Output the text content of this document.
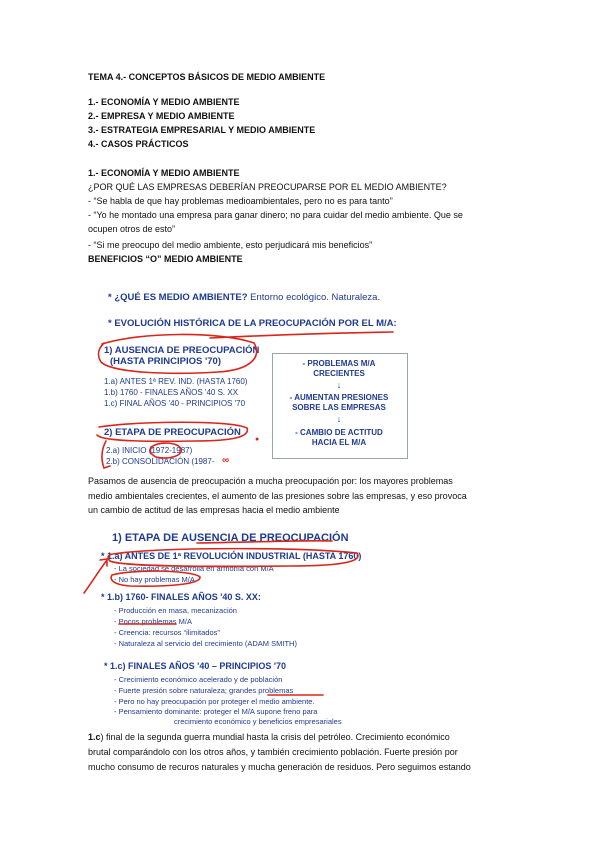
TEMA 4.- CONCEPTOS BÁSICOS DE MEDIO AMBIENTE
1.- ECONOMÍA Y MEDIO AMBIENTE
2.- EMPRESA Y MEDIO AMBIENTE
3.- ESTRATEGIA EMPRESARIAL Y MEDIO AMBIENTE
4.- CASOS PRÁCTICOS
1.- ECONOMÍA Y MEDIO AMBIENTE
¿POR QUÉ LAS EMPRESAS DEBERÍAN PREOCUPARSE POR EL MEDIO AMBIENTE?
- “Se habla de que hay problemas medioambientales, pero no es para tanto”
- “Yo he montado una empresa para ganar dinero; no para cuidar del medio ambiente. Que se
ocupen otros de esto”
- “Si me preocupo del medio ambiente, esto perjudicará mis beneficios”
BENEFICIOS “O” MEDIO AMBIENTE
* ¿QUÉ ES MEDIO AMBIENTE? Entorno ecológico. Naturaleza.
* EVOLUCIÓN HISTÓRICA DE LA PREOCUPACIÓN POR EL M/A:
1) AUSENCIA DE PREOCUPACIÓN
(HASTA PRINCIPIOS '70)
1.a) ANTES 1ª REV. IND. (HASTA 1760)
1.b) 1760 - FINALES AÑOS '40 S. XX
1.c) FINAL AÑOS '40 - PRINCIPIOS '70
2) ETAPA DE PREOCUPACIÓN
2.a) INICIO (1972-1987)
2.b) CONSOLIDACIÓN (1987- ∞
- PROBLEMAS M/A
CRECIENTES
↓
- AUMENTAN PRESIONES
SOBRE LAS EMPRESAS
↓
- CAMBIO DE ACTITUD
HACIA EL M/A
●
Pasamos de ausencia de preocupación a mucha preocupación por: los mayores problemas
medio ambientales crecientes, el aumento de las presiones sobre las empresas, y eso provoca
un cambio de actitud de las empresas hacia el medio ambiente
1) ETAPA DE AUSENCIA DE PREOCUPACIÓN
* 1.a) ANTES DE 1ª REVOLUCIÓN INDUSTRIAL (HASTA 1760)
- La sociedad se desarrolla en armonía con M/A
- No hay problemas M/A
* 1.b) 1760- FINALES AÑOS '40 S. XX:
- Producción en masa, mecanización
- Pocos problemas M/A
- Creencia: recursos “ilimitados”
- Naturaleza al servicio del crecimiento (ADAM SMITH)
* 1.c) FINALES AÑOS '40 – PRINCIPIOS '70
- Crecimiento económico acelerado y de población
- Fuerte presión sobre naturaleza; grandes problemas
- Pero no hay preocupación por proteger el medio ambiente.
- Pensamiento dominante: proteger el M/A supone freno para
crecimiento económico y beneficios empresariales
1.c) final de la segunda guerra mundial hasta la crisis del petróleo. Crecimiento económico
brutal comparándolo con los otros años, y también crecimiento población. Fuerte presión por
mucho consumo de recuros naturales y mucha generación de residuos. Pero seguimos estando
